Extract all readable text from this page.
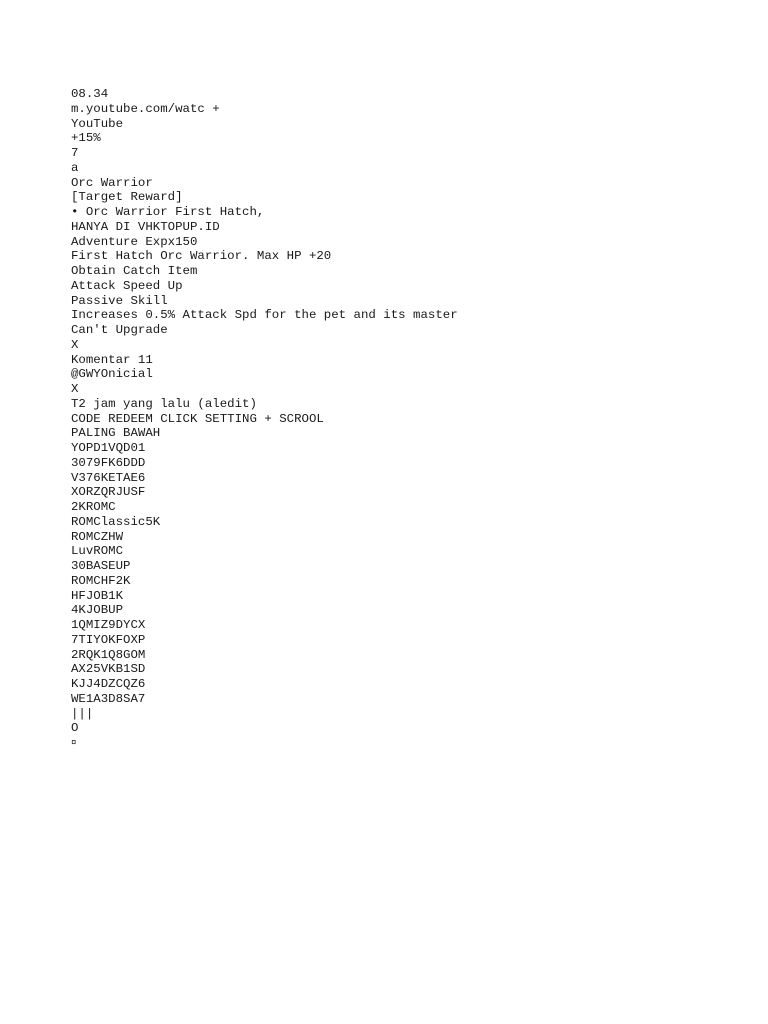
08.34
m.youtube.com/watc +
YouTube
+15%
7
a
Orc Warrior
[Target Reward]
• Orc Warrior First Hatch,
HANYA DI VHKTOPUP.ID
Adventure Expx150
First Hatch Orc Warrior. Max HP +20
Obtain Catch Item
Attack Speed Up
Passive Skill
Increases 0.5% Attack Spd for the pet and its master
Can't Upgrade
X
Komentar 11
@GWYOnicial
X
T2 jam yang lalu (aledit)
CODE REDEEM CLICK SETTING + SCROOL
PALING BAWAH
YOPD1VQD01
3079FK6DDD
V376KETAE6
XORZQRJUSF
2KROMC
ROMClassic5K
ROMCZHW
LuvROMC
30BASEUP
ROMCHF2K
HFJOB1K
4KJOBUP
1QMIZ9DYCX
7TIYOKFOXP
2RQK1Q8GOM
AX25VKB1SD
KJJ4DZCQZ6
WE1A3D8SA7
|||
O
¤
